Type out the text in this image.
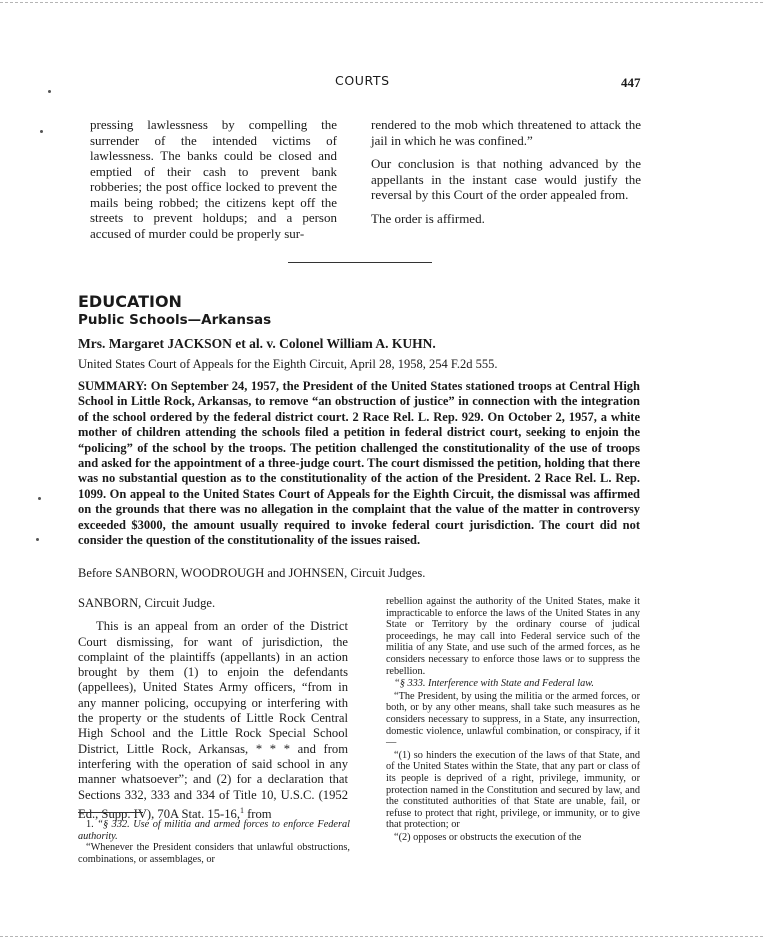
COURTS	447

pressing lawlessness by compelling the surrender of the intended victims of lawlessness. The banks could be closed and emptied of their cash to prevent bank robberies; the post office locked to prevent the mails being robbed; the citizens kept off the streets to prevent holdups; and a person accused of murder could be properly sur-

rendered to the mob which threatened to attack the jail in which he was confined.”

Our conclusion is that nothing advanced by the appellants in the instant case would justify the reversal by this Court of the order appealed from.

The order is affirmed.

EDUCATION
Public Schools—Arkansas
Mrs. Margaret JACKSON et al. v. Colonel William A. KUHN.
United States Court of Appeals for the Eighth Circuit, April 28, 1958, 254 F.2d 555.
SUMMARY: On September 24, 1957, the President of the United States stationed troops at Central High School in Little Rock, Arkansas, to remove “an obstruction of justice” in connection with the integration of the school ordered by the federal district court. 2 Race Rel. L. Rep. 929. On October 2, 1957, a white mother of children attending the schools filed a petition in federal district court, seeking to enjoin the “policing” of the school by the troops. The petition challenged the constitutionality of the use of troops and asked for the appointment of a three-judge court. The court dismissed the petition, holding that there was no substantial question as to the constitutionality of the action of the President. 2 Race Rel. L. Rep. 1099. On appeal to the United States Court of Appeals for the Eighth Circuit, the dismissal was affirmed on the grounds that there was no allegation in the complaint that the value of the matter in controversy exceeded $3000, the amount usually required to invoke federal court jurisdiction. The court did not consider the question of the constitutionality of the issues raised.
Before SANBORN, WOODROUGH and JOHNSEN, Circuit Judges.

SANBORN, Circuit Judge.

This is an appeal from an order of the District Court dismissing, for want of jurisdiction, the complaint of the plaintiffs (appellants) in an action brought by them (1) to enjoin the defendants (appellees), United States Army officers, “from in any manner policing, occupying or interfering with the property or the students of Little Rock Central High School and the Little Rock Special School District, Little Rock, Arkansas, * * * and from interfering with the operation of said school in any manner whatsoever”; and (2) for a declaration that Sections 332, 333 and 334 of Title 10, U.S.C. (1952 Ed., Supp. IV), 70A Stat. 15-16,$^1$ from

1. “§ 332. Use of militia and armed forces to enforce Federal authority.
“Whenever the President considers that unlawful obstructions, combinations, or assemblages, or

rebellion against the authority of the United States, make it impracticable to enforce the laws of the United States in any State or Territory by the ordinary course of judical proceedings, he may call into Federal service such of the militia of any State, and use such of the armed forces, as he considers necessary to enforce those laws or to suppress the rebellion.

“§ 333. Interference with State and Federal law.

“The President, by using the militia or the armed forces, or both, or by any other means, shall take such measures as he considers necessary to suppress, in a State, any insurrection, domestic violence, unlawful combination, or conspiracy, if it—

“(1) so hinders the execution of the laws of that State, and of the United States within the State, that any part or class of its people is deprived of a right, privilege, immunity, or protection named in the Constitution and secured by law, and the constituted authorities of that State are unable, fail, or refuse to protect that right, privilege, or immunity, or to give that protection; or

“(2) opposes or obstructs the execution of the
